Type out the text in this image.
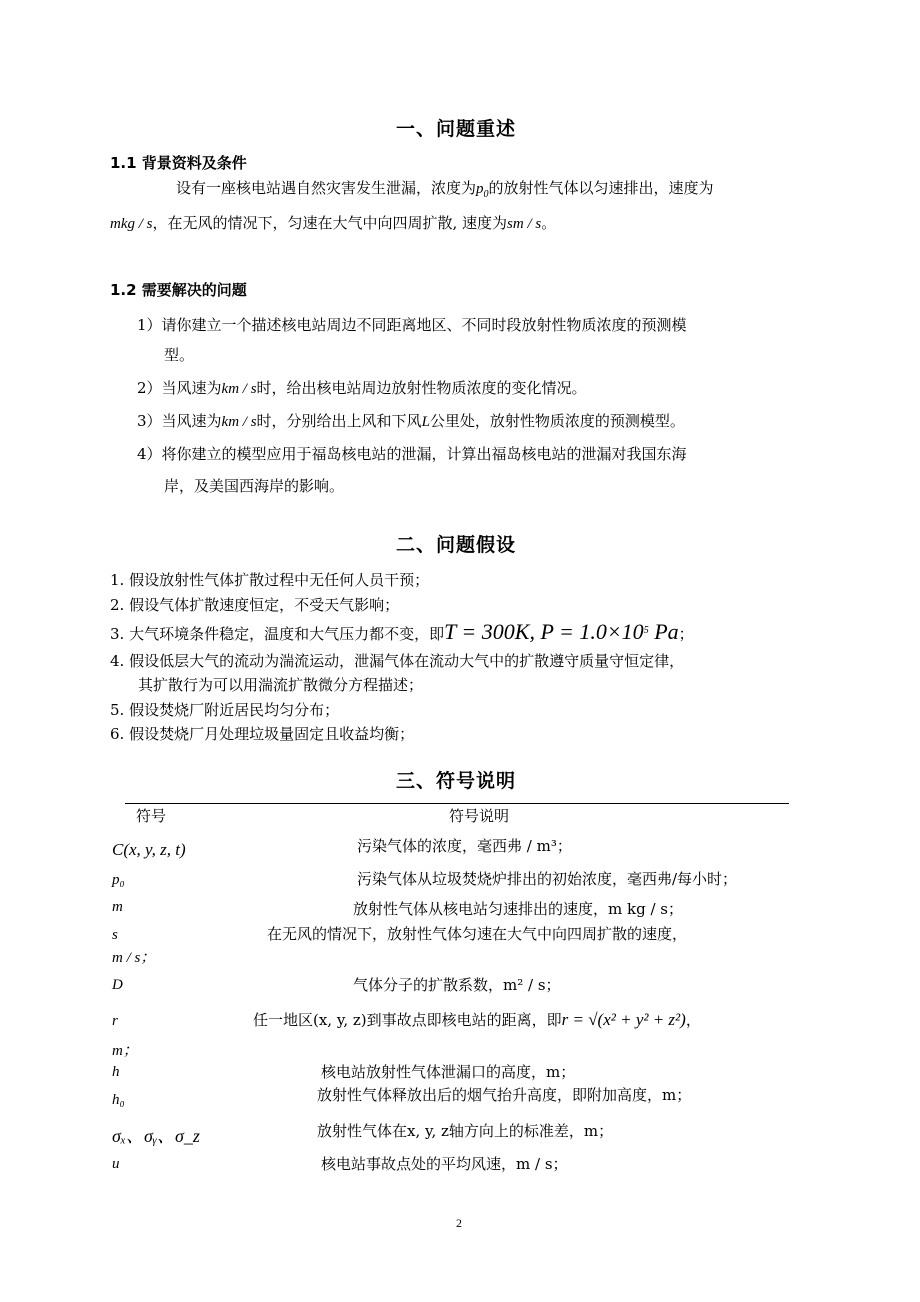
一、问题重述
1.1 背景资料及条件
设有一座核电站遇自然灾害发生泄漏，浓度为$p_0$的放射性气体以匀速排出，速度为
mkg / s，在无风的情况下，匀速在大气中向四周扩散, 速度为sm / s。
1.2 需要解决的问题
1）请你建立一个描述核电站周边不同距离地区、不同时段放射性物质浓度的预测模
型。
2）当风速为km / s时，给出核电站周边放射性物质浓度的变化情况。
3）当风速为km / s时，分别给出上风和下风L公里处，放射性物质浓度的预测模型。
4）将你建立的模型应用于福岛核电站的泄漏，计算出福岛核电站的泄漏对我国东海
岸，及美国西海岸的影响。
二、问题假设
1. 假设放射性气体扩散过程中无任何人员干预；
2. 假设气体扩散速度恒定，不受天气影响；
3. 大气环境条件稳定，温度和大气压力都不变，即T = 300K, $P = 1.0\times 10^5$ Pa；
4. 假设低层大气的流动为湍流运动，泄漏气体在流动大气中的扩散遵守质量守恒定律，
其扩散行为可以用湍流扩散微分方程描述；
5. 假设焚烧厂附近居民均匀分布；
6. 假设焚烧厂月处理垃圾量固定且收益均衡；
三、符号说明
符号	符号说明
C(x, y, z, t)	污染气体的浓度，毫西弗 / m³；
p₀	污染气体从垃圾焚烧炉排出的初始浓度，毫西弗/每小时；
m	放射性气体从核电站匀速排出的速度，m kg / s；
s	在无风的情况下，放射性气体匀速在大气中向四周扩散的速度，
m / s；
D	气体分子的扩散系数，m² / s；
r	任一地区(x, y, z)到事故点即核电站的距离，即r = √(x² + y² + z²)，
m；
h	核电站放射性气体泄漏口的高度，m；
h₀	放射性气体释放出后的烟气抬升高度，即附加高度，m；
σₓ、σᵧ、σ_z	放射性气体在x, y, z轴方向上的标准差，m；
u	核电站事故点处的平均风速，m / s；
2
